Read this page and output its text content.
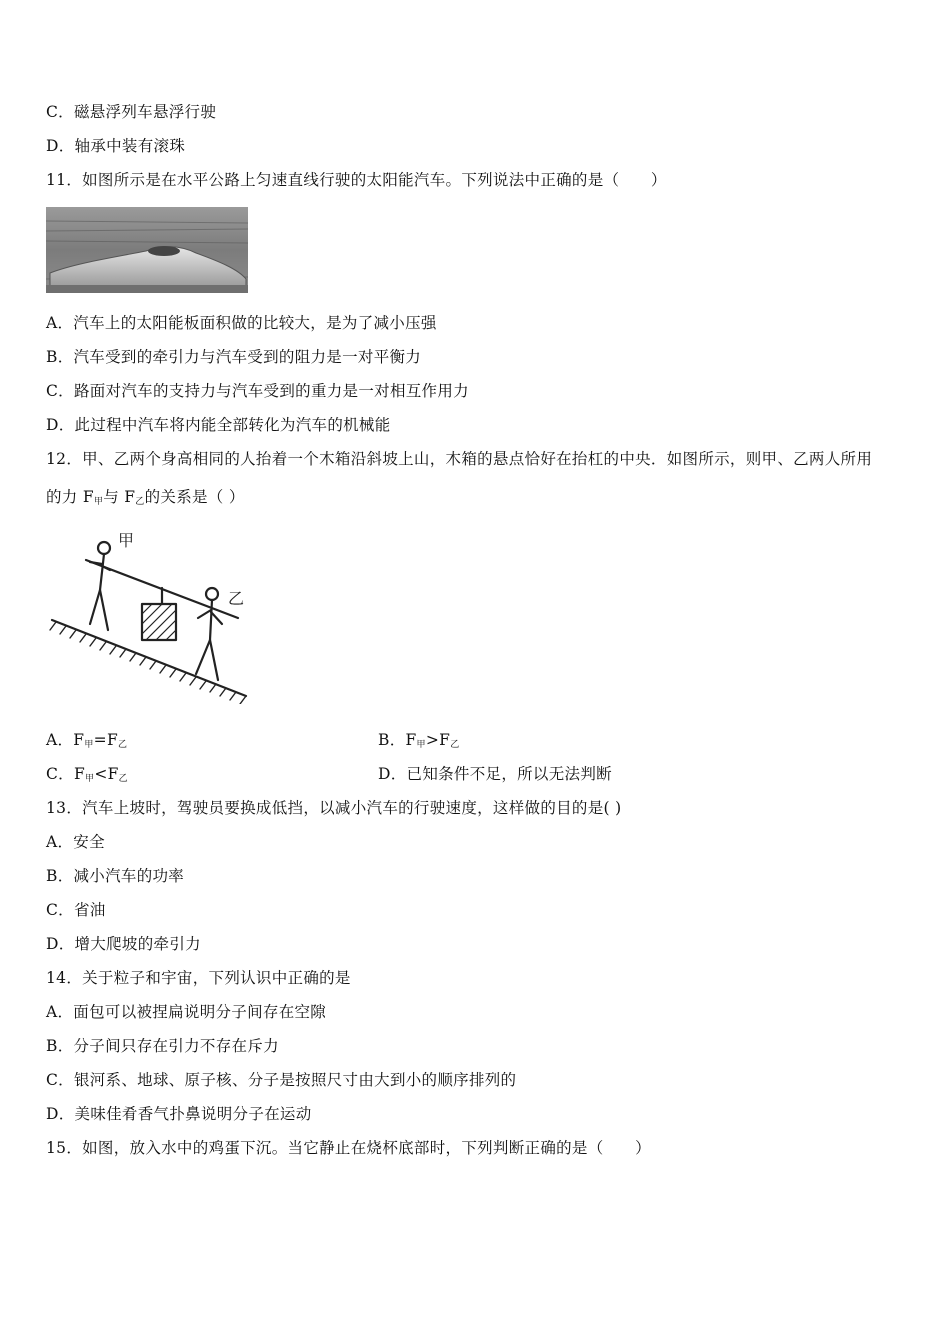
C．磁悬浮列车悬浮行驶
D．轴承中装有滚珠
11．如图所示是在水平公路上匀速直线行驶的太阳能汽车。下列说法中正确的是（　　）
A．汽车上的太阳能板面积做的比较大，是为了减小压强
B．汽车受到的牵引力与汽车受到的阻力是一对平衡力
C．路面对汽车的支持力与汽车受到的重力是一对相互作用力
D．此过程中汽车将内能全部转化为汽车的机械能
12．甲、乙两个身高相同的人抬着一个木箱沿斜坡上山，木箱的悬点恰好在抬杠的中央．如图所示，则甲、乙两人所用
的力 $F_甲$与 $F_乙$的关系是（ ）
甲
乙
A．$F_甲=F_乙$	B．$F_甲>F_乙$
C．$F_甲<F_乙$	D．已知条件不足，所以无法判断
13．汽车上坡时，驾驶员要换成低挡，以减小汽车的行驶速度，这样做的目的是( )
A．安全
B．减小汽车的功率
C．省油
D．增大爬坡的牵引力
14．关于粒子和宇宙，下列认识中正确的是
A．面包可以被捏扁说明分子间存在空隙
B．分子间只存在引力不存在斥力
C．银河系、地球、原子核、分子是按照尺寸由大到小的顺序排列的
D．美味佳肴香气扑鼻说明分子在运动
15．如图，放入水中的鸡蛋下沉。当它静止在烧杯底部时，下列判断正确的是（　　）
